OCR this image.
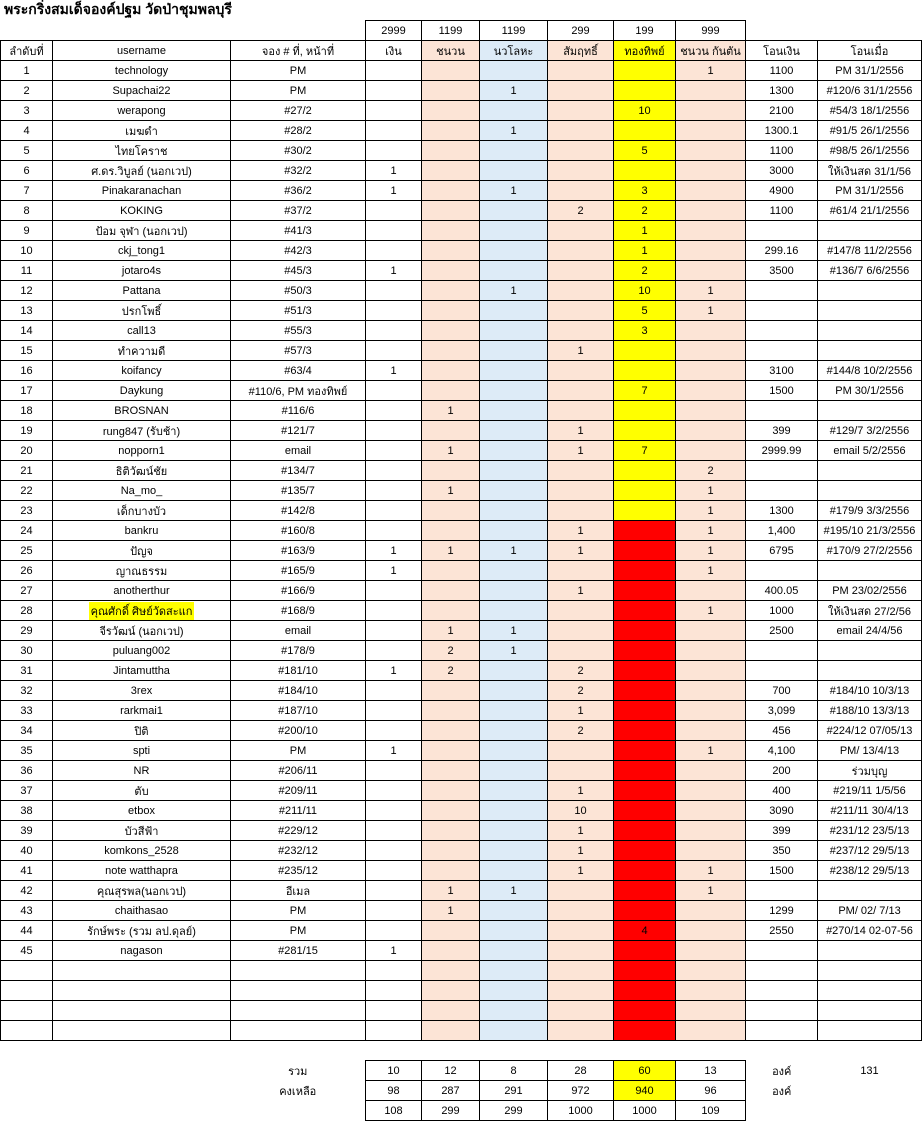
พระกริ่งสมเด็จองค์ปฐม วัดป่าชุมพลบุรี
			2999	1199	1199	299	199	999		
ลำดับที่	username	จอง # ที่, หน้าที่	เงิน	ชนวน	นวโลหะ	สัมฤทธิ์	ทองทิพย์	ชนวน กันตัน	โอนเงิน	โอนเมื่อ
1	technology	PM						1	1100	PM 31/1/2556
2	Supachai22	PM			1				1300	#120/6 31/1/2556
3	werapong	#27/2					10		2100	#54/3 18/1/2556
4	เมฆดำ	#28/2			1				1300.1	#91/5 26/1/2556
5	ไทยโคราช	#30/2					5		1100	#98/5 26/1/2556
6	ศ.ดร.วิบูลย์ (นอกเวป)	#32/2	1						3000	ให้เงินสด 31/1/56
7	Pinakaranachan	#36/2	1		1		3		4900	PM 31/1/2556
8	KOKING	#37/2				2	2		1100	#61/4 21/1/2556
9	ป้อม จุฬา (นอกเวป)	#41/3					1			
10	ckj_tong1	#42/3					1		299.16	#147/8 11/2/2556
11	jotaro4s	#45/3	1				2		3500	#136/7 6/6/2556
12	Pattana	#50/3			1		10	1		
13	ปรกโพธิ์	#51/3					5	1		
14	call13	#55/3					3			
15	ทำความดี	#57/3				1				
16	koifancy	#63/4	1						3100	#144/8 10/2/2556
17	Daykung	#110/6, PM ทองทิพย์					7		1500	PM 30/1/2556
18	BROSNAN	#116/6		1						
19	rung847 (รับช้า)	#121/7				1			399	#129/7 3/2/2556
20	nopporn1	email		1		1	7		2999.99	email 5/2/2556
21	ธิติวัฒน์ชัย	#134/7						2		
22	Na_mo_	#135/7		1				1		
23	เด็กบางบัว	#142/8						1	1300	#179/9 3/3/2556
24	bankru	#160/8				1		1	1,400	#195/10 21/3/2556
25	ปัญจ	#163/9	1	1	1	1		1	6795	#170/9 27/2/2556
26	ญาณธรรม	#165/9	1					1		
27	anotherthur	#166/9				1			400.05	PM 23/02/2556
28	คุณศักดิ์ ศิษย์วัดสะแก	#168/9						1	1000	ให้เงินสด 27/2/56
29	จีรวัฒน์ (นอกเวป)	email		1	1				2500	email 24/4/56
30	puluang002	#178/9		2	1					
31	Jintamuttha	#181/10	1	2		2				
32	3rex	#184/10				2			700	#184/10 10/3/13
33	rarkmai1	#187/10				1			3,099	#188/10 13/3/13
34	ปิติ	#200/10				2			456	#224/12 07/05/13
35	spti	PM	1					1	4,100	PM/ 13/4/13
36	NR	#206/11							200	ร่วมบุญ
37	ตับ	#209/11				1			400	#219/11 1/5/56
38	etbox	#211/11				10			3090	#211/11 30/4/13
39	บัวสีฟ้า	#229/12				1			399	#231/12 23/5/13
40	komkons_2528	#232/12				1			350	#237/12 29/5/13
41	note watthapra	#235/12				1		1	1500	#238/12 29/5/13
42	คุณสุรพล(นอกเวป)	อีเมล		1	1			1		
43	chaithasao	PM		1					1299	PM/ 02/ 7/13
44	รักษ์พระ (รวม ลป.ดุลย์)	PM					4		2550	#270/14 02-07-56
45	nagason	#281/15	1							

		รวม	10	12	8	28	60	13	องค์	131
		คงเหลือ	98	287	291	972	940	96	องค์	
			108	299	299	1000	1000	109		
